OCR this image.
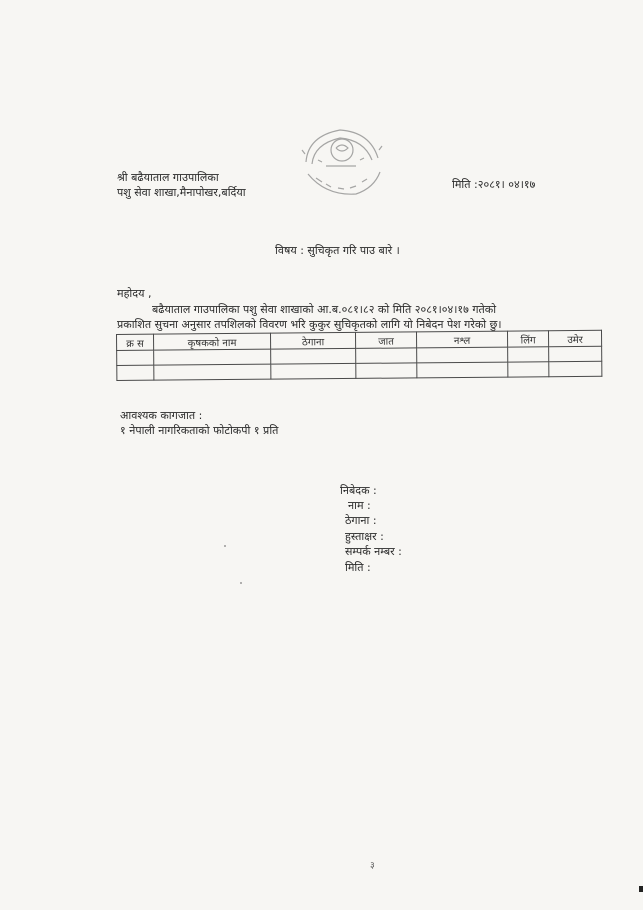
श्री बढैयाताल गाउपालिका
पशु सेवा शाखा,मैनापोखर,बर्दिया
मिति :२०८१। ०४।१७
विषय : सुचिकृत गरि पाउ बारे ।
महोदय ,
बढैयाताल गाउपालिका पशु सेवा शाखाको आ.ब.०८१।८२ को मिति २०८१।०४।१७ गतेको
प्रकाशित सुचना अनुसार तपशिलको विवरण भरि कुकुर सुचिकृतको लागि यो निबेदन पेश गरेको छु।
क्र स	कृषकको नाम	ठेगाना	जात	नश्ल	लिंग	उमेर

आवश्यक कागजात :
१ नेपाली नागरिकताको फोटोकपी १ प्रति
निबेदक :
नाम :
ठेगाना :
हुस्ताक्षर :
सम्पर्क नम्बर :
मिति :
३
